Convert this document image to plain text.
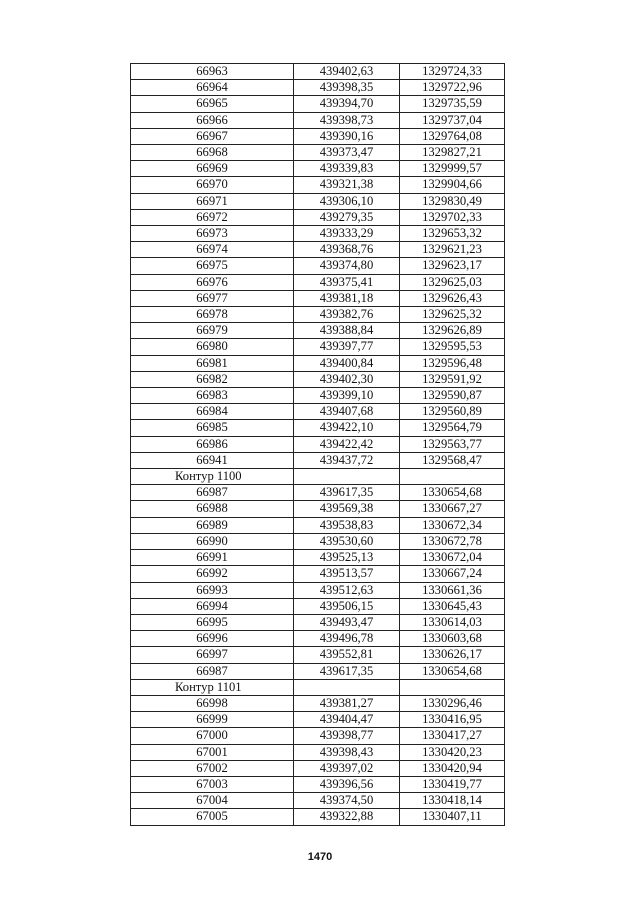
66963	439402,63	1329724,33
66964	439398,35	1329722,96
66965	439394,70	1329735,59
66966	439398,73	1329737,04
66967	439390,16	1329764,08
66968	439373,47	1329827,21
66969	439339,83	1329999,57
66970	439321,38	1329904,66
66971	439306,10	1329830,49
66972	439279,35	1329702,33
66973	439333,29	1329653,32
66974	439368,76	1329621,23
66975	439374,80	1329623,17
66976	439375,41	1329625,03
66977	439381,18	1329626,43
66978	439382,76	1329625,32
66979	439388,84	1329626,89
66980	439397,77	1329595,53
66981	439400,84	1329596,48
66982	439402,30	1329591,92
66983	439399,10	1329590,87
66984	439407,68	1329560,89
66985	439422,10	1329564,79
66986	439422,42	1329563,77
66941	439437,72	1329568,47
Контур 1100		
66987	439617,35	1330654,68
66988	439569,38	1330667,27
66989	439538,83	1330672,34
66990	439530,60	1330672,78
66991	439525,13	1330672,04
66992	439513,57	1330667,24
66993	439512,63	1330661,36
66994	439506,15	1330645,43
66995	439493,47	1330614,03
66996	439496,78	1330603,68
66997	439552,81	1330626,17
66987	439617,35	1330654,68
Контур 1101		
66998	439381,27	1330296,46
66999	439404,47	1330416,95
67000	439398,77	1330417,27
67001	439398,43	1330420,23
67002	439397,02	1330420,94
67003	439396,56	1330419,77
67004	439374,50	1330418,14
67005	439322,88	1330407,11
1470
